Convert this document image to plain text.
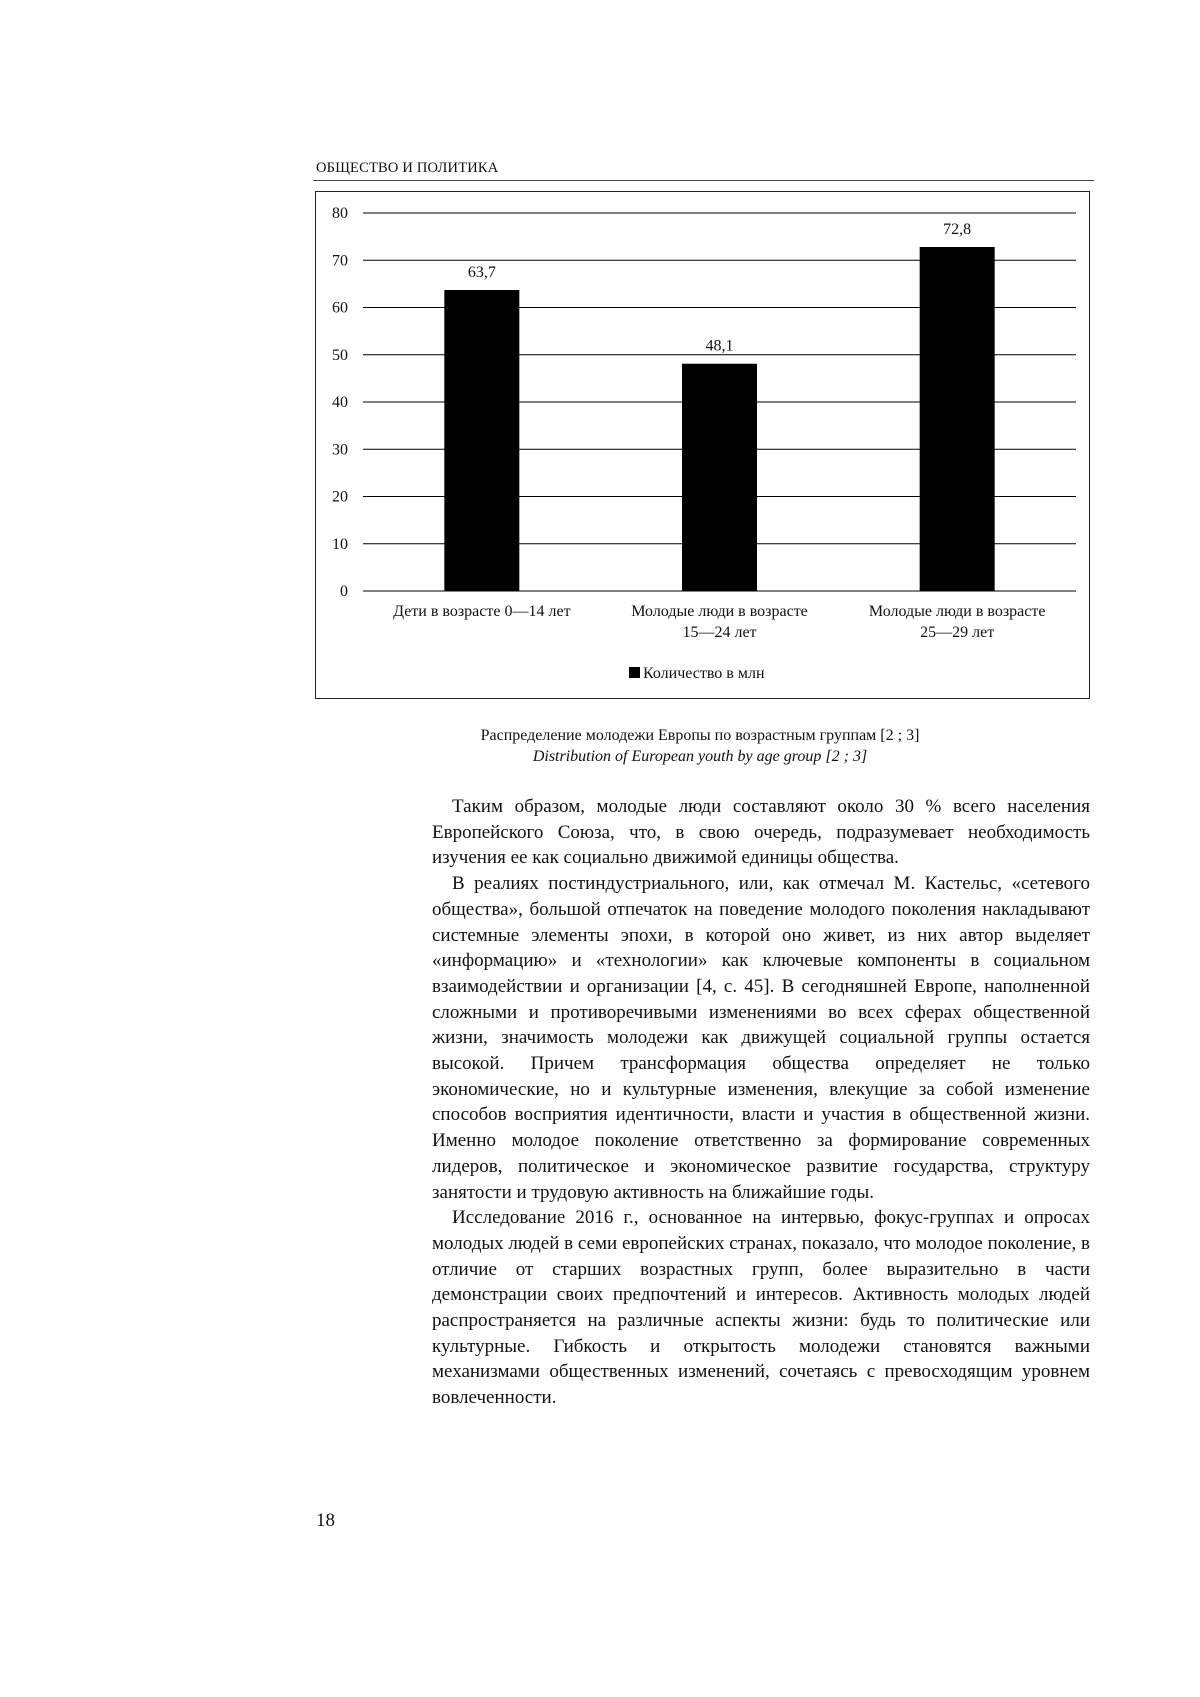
ОБЩЕСТВО И ПОЛИТИКА
0
10
20
30
40
50
60
70
80
63,7
Дети в возрасте 0—14 лет
48,1
Молодые люди в возрасте
15—24 лет
72,8
Молодые люди в возрасте
25—29 лет
Количество в млн
Распределение молодежи Европы по возрастным группам [2 ; 3]
Distribution of European youth by age group [2 ; 3]

Таким образом, молодые люди составляют около 30 % всего населения Европейского Союза, что, в свою очередь, подразумевает необходимость изучения ее как социально движимой единицы общества.

В реалиях постиндустриального, или, как отмечал М. Кастельс, «сетевого общества», большой отпечаток на поведение молодого поколения накладывают системные элементы эпохи, в которой оно живет, из них автор выделяет «информацию» и «технологии» как ключевые компоненты в социальном взаимодействии и организации [4, с. 45]. В сегодняшней Европе, наполненной сложными и противоречивыми изменениями во всех сферах общественной жизни, значимость молодежи как движущей социальной группы остается высокой. Причем трансформация общества определяет не только экономические, но и культурные изменения, влекущие за собой изменение способов восприятия идентичности, власти и участия в общественной жизни. Именно молодое поколение ответственно за формирование современных лидеров, политическое и экономическое развитие государства, структуру занятости и трудовую активность на ближайшие годы.

Исследование 2016 г., основанное на интервью, фокус-группах и опросах молодых людей в семи европейских странах, показало, что молодое поколение, в отличие от старших возрастных групп, более выразительно в части демонстрации своих предпочтений и интересов. Активность молодых людей распространяется на различные аспекты жизни: будь то политические или культурные. Гибкость и открытость молодежи становятся важными механизмами общественных изменений, сочетаясь с превосходящим уровнем вовлеченности.

18
